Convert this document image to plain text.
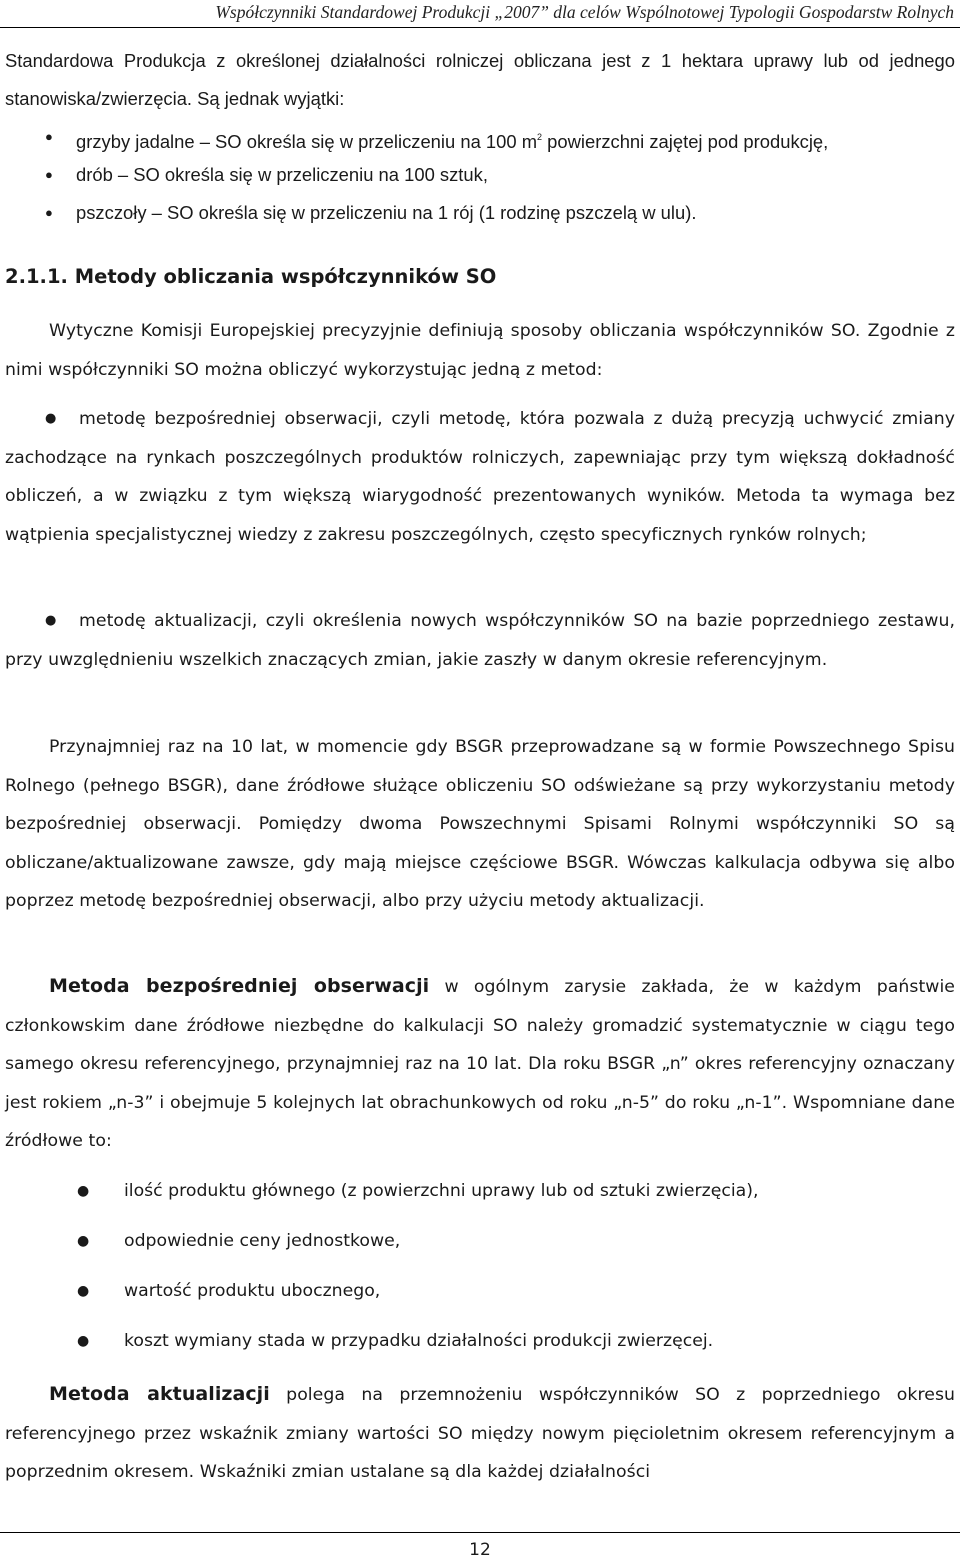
Współczynniki Standardowej Produkcji „2007” dla celów Wspólnotowej Typologii Gospodarstw Rolnych

Standardowa Produkcja z określonej działalności rolniczej obliczana jest z 1 hektara uprawy lub od jednego stanowiska/zwierzęcia. Są jednak wyjątki:

● grzyby jadalne – SO określa się w przeliczeniu na 100 $m^2$ powierzchni zajętej pod produkcję,
● drób – SO określa się w przeliczeniu na 100 sztuk,
● pszczoły – SO określa się w przeliczeniu na 1 rój (1 rodzinę pszczelą w ulu).
2.1.1. Metody obliczania współczynników SO

Wytyczne Komisji Europejskiej precyzyjnie definiują sposoby obliczania współczynników SO. Zgodnie z nimi współczynniki SO można obliczyć wykorzystując jedną z metod:

metodę bezpośredniej obserwacji, czyli metodę, która pozwala z dużą precyzją uchwycić zmiany zachodzące na rynkach poszczególnych produktów rolniczych, zapewniając przy tym większą dokładność obliczeń, a w związku z tym większą wiarygodność prezentowanych wyników. Metoda ta wymaga bez wątpienia specjalistycznej wiedzy z zakresu poszczególnych, często specyficznych rynków rolnych;

●

metodę aktualizacji, czyli określenia nowych współczynników SO na bazie poprzedniego zestawu, przy uwzględnieniu wszelkich znaczących zmian, jakie zaszły w danym okresie referencyjnym.

●

Przynajmniej raz na 10 lat, w momencie gdy BSGR przeprowadzane są w formie Powszechnego Spisu Rolnego (pełnego BSGR), dane źródłowe służące obliczeniu SO odświeżane są przy wykorzystaniu metody bezpośredniej obserwacji. Pomiędzy dwoma Powszechnymi Spisami Rolnymi współczynniki SO są obliczane/aktualizowane zawsze, gdy mają miejsce częściowe BSGR. Wówczas kalkulacja odbywa się albo poprzez metodę bezpośredniej obserwacji, albo przy użyciu metody aktualizacji.

Metoda bezpośredniej obserwacji w ogólnym zarysie zakłada, że w każdym państwie członkowskim dane źródłowe niezbędne do kalkulacji SO należy gromadzić systematycznie w ciągu tego samego okresu referencyjnego, przynajmniej raz na 10 lat. Dla roku BSGR „n” okres referencyjny oznaczany jest rokiem „n-3” i obejmuje 5 kolejnych lat obrachunkowych od roku „n-5” do roku „n-1”. Wspomniane dane źródłowe to:

● ilość produktu głównego (z powierzchni uprawy lub od sztuki zwierzęcia),
● odpowiednie ceny jednostkowe,
● wartość produktu ubocznego,
● koszt wymiany stada w przypadku działalności produkcji zwierzęcej.

Metoda aktualizacji polega na przemnożeniu współczynników SO z poprzedniego okresu referencyjnego przez wskaźnik zmiany wartości SO między nowym pięcioletnim okresem referencyjnym a poprzednim okresem. Wskaźniki zmian ustalane są dla każdej działalności

12
